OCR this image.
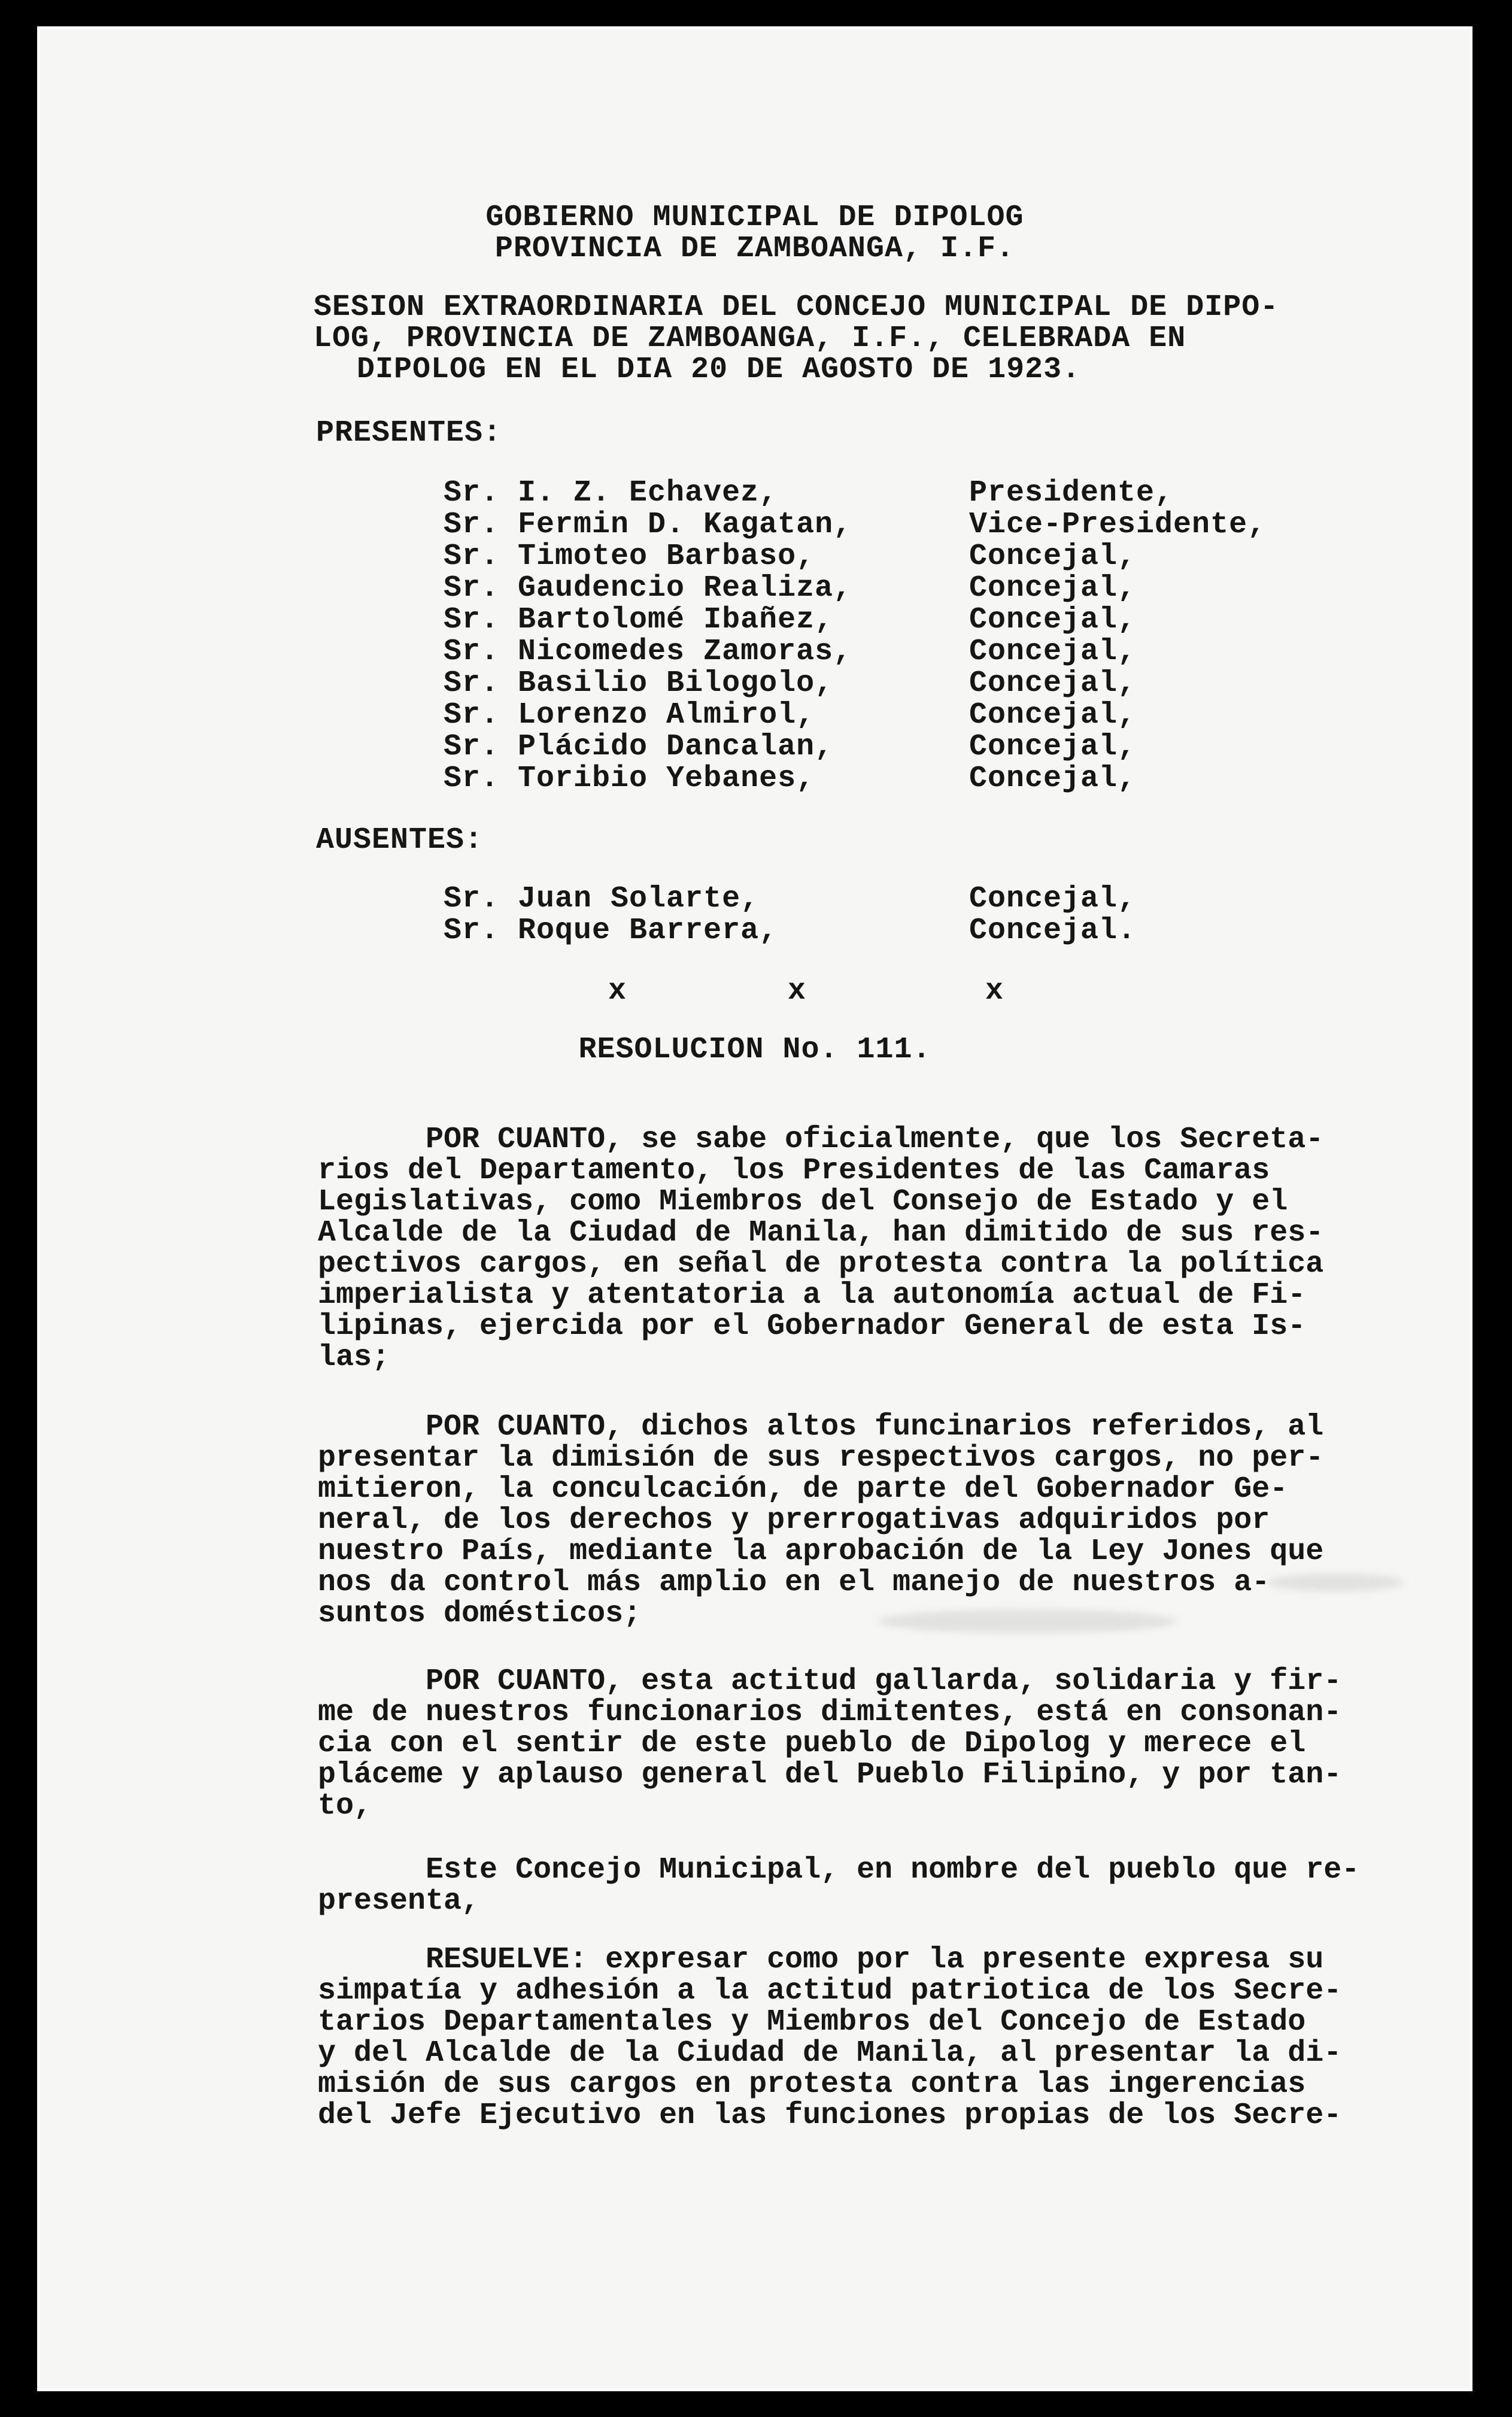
GOBIERNO MUNICIPAL DE DIPOLOG
PROVINCIA DE ZAMBOANGA, I.F.
SESION EXTRAORDINARIA DEL CONCEJO MUNICIPAL DE DIPO-
LOG, PROVINCIA DE ZAMBOANGA, I.F., CELEBRADA EN
DIPOLOG EN EL DIA 20 DE AGOSTO DE 1923.
PRESENTES:
Sr. I. Z. Echavez,	Presidente,
Sr. Fermin D. Kagatan,	Vice-Presidente,
Sr. Timoteo Barbaso,	Concejal,
Sr. Gaudencio Realiza,	Concejal,
Sr. Bartolomé Ibañez,	Concejal,
Sr. Nicomedes Zamoras,	Concejal,
Sr. Basilio Bilogolo,	Concejal,
Sr. Lorenzo Almirol,	Concejal,
Sr. Plácido Dancalan,	Concejal,
Sr. Toribio Yebanes,	Concejal,
AUSENTES:
Sr. Juan Solarte,	Concejal,
Sr. Roque Barrera,	Concejal.
x	x	x
RESOLUCION No. 111.
POR CUANTO, se sabe oficialmente, que los Secreta-
rios del Departamento, los Presidentes de las Camaras
Legislativas, como Miembros del Consejo de Estado y el
Alcalde de la Ciudad de Manila, han dimitido de sus res-
pectivos cargos, en señal de protesta contra la política
imperialista y atentatoria a la autonomía actual de Fi-
lipinas, ejercida por el Gobernador General de esta Is-
las;
POR CUANTO, dichos altos funcinarios referidos, al
presentar la dimisión de sus respectivos cargos, no per-
mitieron, la conculcación, de parte del Gobernador Ge-
neral, de los derechos y prerrogativas adquiridos por
nuestro País, mediante la aprobación de la Ley Jones que
nos da control más amplio en el manejo de nuestros a-
suntos domésticos;
POR CUANTO, esta actitud gallarda, solidaria y fir-
me de nuestros funcionarios dimitentes, está en consonan-
cia con el sentir de este pueblo de Dipolog y merece el
pláceme y aplauso general del Pueblo Filipino, y por tan-
to,
Este Concejo Municipal, en nombre del pueblo que re-
presenta,
RESUELVE: expresar como por la presente expresa su
simpatía y adhesión a la actitud patriotica de los Secre-
tarios Departamentales y Miembros del Concejo de Estado
y del Alcalde de la Ciudad de Manila, al presentar la di-
misión de sus cargos en protesta contra las ingerencias
del Jefe Ejecutivo en las funciones propias de los Secre-
